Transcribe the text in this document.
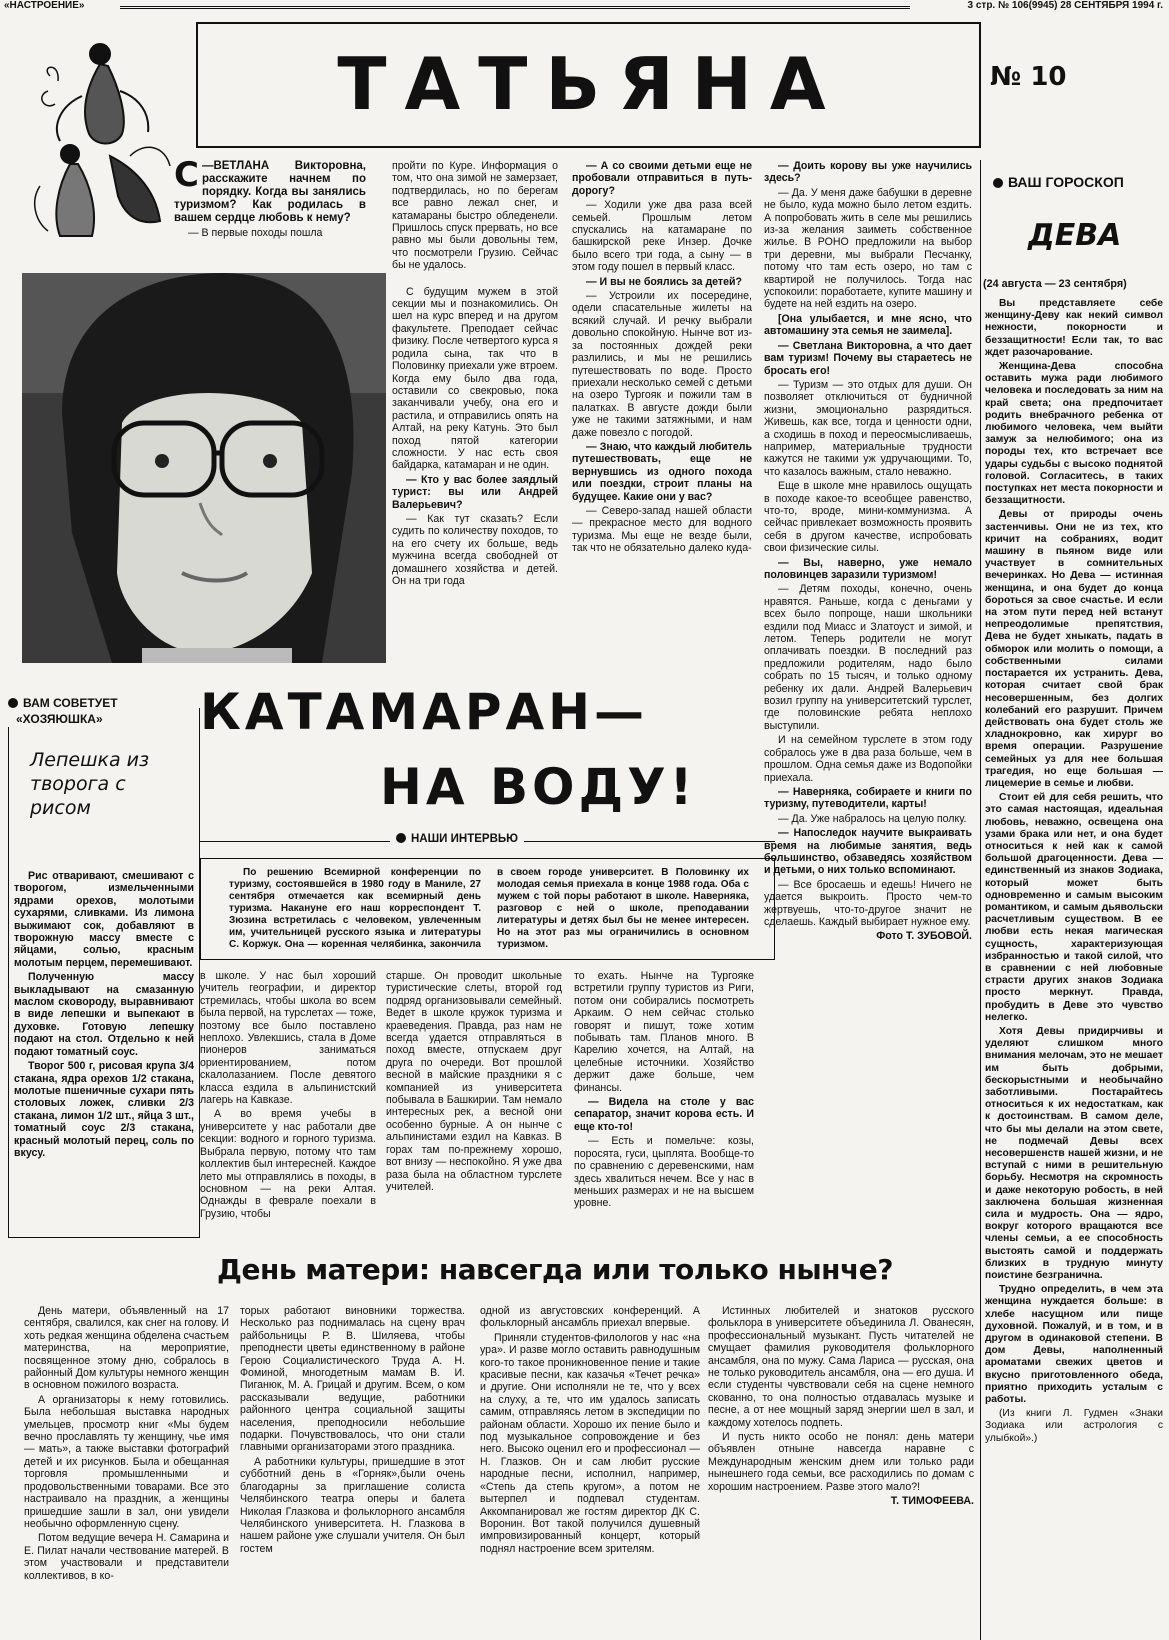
«НАСТРОЕНИЕ»	3 стр. № 106(9945) 28 СЕНТЯБРЯ 1994 г.
ТАТЬЯНА	№ 10

—
С ВЕТЛАНА Викторовна, расскажите начнем по порядку. Когда вы занялись туризмом? Как родилась в вашем сердце любовь к нему?

— В первые походы пошла

пройти по Куре. Информация о том, что она зимой не замерзает, подтвердилась, но по берегам все равно лежал снег, и катамараны быстро обледенели. Пришлось спуск прервать, но все равно мы были довольны тем, что посмотрели Грузию. Сейчас бы не удалось.

С будущим мужем в этой секции мы и познакомились. Он шел на курс вперед и на другом факультете. Преподает сейчас физику. После четвертого курса я родила сына, так что в Половинку приехали уже втроем. Когда ему было два года, оставили со свекровью, пока заканчивали учебу, она его и растила, и отправились опять на Алтай, на реку Катунь. Это был поход пятой категории сложности. У нас есть своя байдарка, катамаран и не один.

— Кто у вас более заядлый турист: вы или Андрей Валерьевич?

— Как тут сказать? Если судить по количеству походов, то на его счету их больше, ведь мужчина всегда свободней от домашнего хозяйства и детей. Он на три года

— А со своими детьми еще не пробовали отправиться в путь-дорогу?

— Ходили уже два раза всей семьей. Прошлым летом спускались на катамаране по башкирской реке Инзер. Дочке было всего три года, а сыну — в этом году пошел в первый класс.

— И вы не боялись за детей?

— Устроили их посередине, одели спасательные жилеты на всякий случай. И речку выбрали довольно спокойную. Нынче вот из-за постоянных дождей реки разлились, и мы не решились путешествовать по воде. Просто приехали несколько семей с детьми на озеро Тургояк и пожили там в палатках. В августе дожди были уже не такими затяжными, и нам даже повезло с погодой.

— Знаю, что каждый любитель путешествовать, еще не вернувшись из одного похода или поездки, строит планы на будущее. Какие они у вас?

— Северо-запад нашей области — прекрасное место для водного туризма. Мы еще не везде были, так что не обязательно далеко куда-

— Доить корову вы уже научились здесь?

— Да. У меня даже бабушки в деревне не было, куда можно было летом ездить. А попробовать жить в селе мы решились из-за желания заиметь собственное жилье. В РОНО предложили на выбор три деревни, мы выбрали Песчанку, потому что там есть озеро, но там с квартирой не получилось. Тогда нас успокоили: поработаете, купите машину и будете на ней ездить на озеро.

[Она улыбается, и мне ясно, что автомашину эта семья не заимела].

— Светлана Викторовна, а что дает вам туризм! Почему вы стараетесь не бросать его!

— Туризм — это отдых для души. Он позволяет отключиться от будничной жизни, эмоционально разрядиться. Живешь, как все, тогда и ценности одни, а сходишь в поход и переосмысливаешь, например, материальные трудности кажутся не такими уж удручающими. То, что казалось важным, стало неважно.

Еще в школе мне нравилось ощущать в походе какое-то всеобщее равенство, что-то, вроде, мини-коммунизма. А сейчас привлекает возможность проявить себя в другом качестве, испробовать свои физические силы.

— Вы, наверно, уже немало половинцев заразили туризмом!

— Детям походы, конечно, очень нравятся. Раньше, когда с деньгами у всех было попроще, наши школьники ездили под Миасс и Златоуст и зимой, и летом. Теперь родители не могут оплачивать поездки. В последний раз предложили родителям, надо было собрать по 15 тысяч, и только одному ребенку их дали. Андрей Валерьевич возил группу на университетский турслет, где половинские ребята неплохо выступили.

И на семейном турслете в этом году собралось уже в два раза больше, чем в прошлом. Одна семья даже из Водопойки приехала.

— Наверняка, собираете и книги по туризму, путеводители, карты!

— Да. Уже набралось на целую полку.

— Напоследок научите выкраивать время на любимые занятия, ведь большинство, обзаведясь хозяйством и детьми, о них только вспоминают.

— Все бросаешь и едешь! Ничего не удается выкроить. Просто чем-то жертвуешь, что-то-другое значит не сделаешь. Каждый выбирает нужное ему.

Фото Т. ЗУБОВОЙ.

КАТАМАРАН—
НА ВОДУ!
НАШИ ИНТЕРВЬЮ
По решению Всемирной конференции по туризму, состоявшейся в 1980 году в Маниле, 27 сентября отмечается как всемирный день туризма. Накануне его наш корреспондент Т. Зюзина встретилась с человеком, увлеченным им, учительницей русского языка и литературы С. Коржук. Она — коренная челябинка, закончила в своем городе университет. В Половинку их молодая семья приехала в конце 1988 года. Оба с мужем с той поры работают в школе. Наверняка, разговор с ней о школе, преподавании литературы и детях был бы не менее интересен. Но на этот раз мы ограничились в основном туризмом.

в школе. У нас был хороший учитель географии, и директор стремилась, чтобы школа во всем была первой, на турслетах — тоже, поэтому все было поставлено неплохо. Увлекшись, стала в Доме пионеров заниматься ориентированием, потом скалолазанием. После девятого класса ездила в альпинистский лагерь на Кавказе.

А во время учебы в университете у нас работали две секции: водного и горного туризма. Выбрала первую, потому что там коллектив был интересней. Каждое лето мы отправлялись в походы, в основном — на реки Алтая. Однажды в феврале поехали в Грузию, чтобы

старше. Он проводит школьные туристические слеты, второй год подряд организовывали семейный. Ведет в школе кружок туризма и краеведения. Правда, раз нам не всегда удается отправляться в поход вместе, отпускаем друг друга по очереди. Вот прошлой весной в майские праздники я с компанией из университета побывала в Башкирии. Там немало интересных рек, а весной они особенно бурные. А он нынче с альпинистами ездил на Кавказ. В горах там по-прежнему хорошо, вот внизу — неспокойно. Я уже два раза была на областном турслете учителей.

то ехать. Нынче на Тургояке встретили группу туристов из Риги, потом они собирались посмотреть Аркаим. О нем сейчас столько говорят и пишут, тоже хотим побывать там. Планов много. В Карелию хочется, на Алтай, на целебные источники. Хозяйство держит даже больше, чем финансы.

— Видела на столе у вас сепаратор, значит корова есть. И еще кто-то!

— Есть и помельче: козы, поросята, гуси, цыплята. Вообще-то по сравнению с деревенскими, нам здесь хвалиться нечем. Все у нас в меньших размерах и не на высшем уровне.

ВАМ СОВЕТУЕТ
«ХОЗЯЮШКА»
Лепешка из творога с рисом

Рис отваривают, смешивают с творогом, измельченными ядрами орехов, молотыми сухарями, сливками. Из лимона выжимают сок, добавляют в творожную массу вместе с яйцами, солью, красным молотым перцем, перемешивают.

Полученную массу выкладывают на смазанную маслом сковороду, выравнивают в виде лепешки и выпекают в духовке. Готовую лепешку подают на стол. Отдельно к ней подают томатный соус.

Творог 500 г, рисовая крупа 3/4 стакана, ядра орехов 1/2 стакана, молотые пшеничные сухари пять столовых ложек, сливки 2/3 стакана, лимон 1/2 шт., яйца 3 шт., томатный соус 2/3 стакана, красный молотый перец, соль по вкусу.

ВАШ ГОРОСКОП
ДЕВА
(24 августа — 23 сентября)

Вы представляете себе женщину-Деву как некий символ нежности, покорности и беззащитности! Если так, то вас ждет разочарование.

Женщина-Дева способна оставить мужа ради любимого человека и последовать за ним на край света; она предпочитает родить внебрачного ребенка от любимого человека, чем выйти замуж за нелюбимого; она из породы тех, кто встречает все удары судьбы с высоко поднятой головой. Согласитесь, в таких поступках нет места покорности и беззащитности.

Девы от природы очень застенчивы. Они не из тех, кто кричит на собраниях, водит машину в пьяном виде или участвует в сомнительных вечеринках. Но Дева — истинная женщина, и она будет до конца бороться за свое счастье. И если на этом пути перед ней встанут непреодолимые препятствия, Дева не будет хныкать, падать в обморок или молить о помощи, а собственными силами постарается их устранить. Дева, которая считает свой брак несовершенным, без долгих колебаний его разрушит. Причем действовать она будет столь же хладнокровно, как хирург во время операции. Разрушение семейных уз для нее большая трагедия, но еще большая — лицемерие в семье и любви.

Стоит ей для себя решить, что это самая настоящая, идеальная любовь, неважно, освещена она узами брака или нет, и она будет относиться к ней как к самой большой драгоценности. Дева — единственный из знаков Зодиака, который может быть одновременно и самым высоким романтиком, и самым дьявольски расчетливым существом. В ее любви есть некая магическая сущность, характеризующая избранностью и такой силой, что в сравнении с ней любовные страсти других знаков Зодиака просто меркнут. Правда, пробудить в Деве это чувство нелегко.

Хотя Девы придирчивы и уделяют слишком много внимания мелочам, это не мешает им быть добрыми, бескорыстными и необычайно заботливыми. Постарайтесь относиться к их недостаткам, как к достоинствам. В самом деле, что бы мы делали на этом свете, не подмечай Девы всех несовершенств нашей жизни, и не вступай с ними в решительную борьбу. Несмотря на скромность и даже некоторую робость, в ней заключена большая жизненная сила и мудрость. Она — ядро, вокруг которого вращаются все члены семьи, а ее способность выстоять самой и поддержать близких в трудную минуту поистине безгранична.

Трудно определить, в чем эта женщина нуждается больше: в хлебе насущном или пище духовной. Пожалуй, и в том, и в другом в одинаковой степени. В дом Девы, наполненный ароматами свежих цветов и вкусно приготовленного обеда, приятно приходить усталым с работы.

(Из книги Л. Гудмен «Знаки Зодиака или астрология с улыбкой».)

День матери: навсегда или только нынче?

День матери, объявленный на 17 сентября, свалился, как снег на голову. И хоть редкая женщина обделена счастьем материнства, на мероприятие, посвященное этому дню, собралось в районный Дом культуры немного женщин в основном пожилого возраста.

А организаторы к нему готовились. Была небольшая выставка народных умельцев, просмотр книг «Мы будем вечно прославлять ту женщину, чье имя — мать», а также выставки фотографий детей и их рисунков. Была и обещанная торговля промышленными и продовольственными товарами. Все это настраивало на праздник, а женщины пришедшие зашли в зал, они увидели необычно оформленную сцену.

Потом ведущие вечера Н. Самарина и Е. Пилат начали чествование матерей. В этом участвовали и представители коллективов, в ко-

торых работают виновники торжества. Несколько раз поднималась на сцену врач райбольницы Р. В. Шиляева, чтобы преподнести цветы единственному в районе Герою Социалистического Труда А. Н. Фоминой, многодетным мамам В. И. Пиганюк, М. А. Грицай и другим. Всем, о ком рассказывали ведущие, работники районного центра социальной защиты населения, преподносили небольшие подарки. Почувствовалось, что они стали главными организаторами этого праздника.

А работники культуры, пришедшие в этот субботний день в «Горняк»,были очень благодарны за приглашение солиста Челябинского театра оперы и балета Николая Глазкова и фольклорного ансамбля Челябинского университета. Н. Глазкова в нашем районе уже слушали учителя. Он был гостем

одной из августовских конференций. А фольклорный ансамбль приехал впервые.

Приняли студентов-филологов у нас «на ура». И разве могло оставить равнодушным кого-то такое проникновенное пение и такие красивые песни, как казачья «Течет речка» и другие. Они исполняли не те, что у всех на слуху, а те, что им удалось записать самим, отправляясь летом в экспедиции по районам области. Хорошо их пение было и под музыкальное сопровождение и без него. Высоко оценил его и профессионал — Н. Глазков. Он и сам любит русские народные песни, исполнил, например, «Степь да степь кругом», а потом не вытерпел и подпевал студентам. Аккомпанировал же гостям директор ДК С. Воронин. Вот такой получился душевный импровизированный концерт, который поднял настроение всем зрителям.

Истинных любителей и знатоков русского фольклора в университете объединила Л. Ованесян, профессиональный музыкант. Пусть читателей не смущает фамилия руководителя фольклорного ансамбля, она по мужу. Сама Лариса — русская, она не только руководитель ансамбля, она — его душа. И если студенты чувствовали себя на сцене немного скованно, то она полностью отдавалась музыке и песне, а от нее мощный заряд энергии шел в зал, и каждому хотелось подпеть.

И пусть никто особо не понял: день матери объявлен отныне навсегда наравне с Международным женским днем или только ради нынешнего года семьи, все расходились по домам с хорошим настроением. Разве этого мало?!

Т. ТИМОФЕЕВА.
